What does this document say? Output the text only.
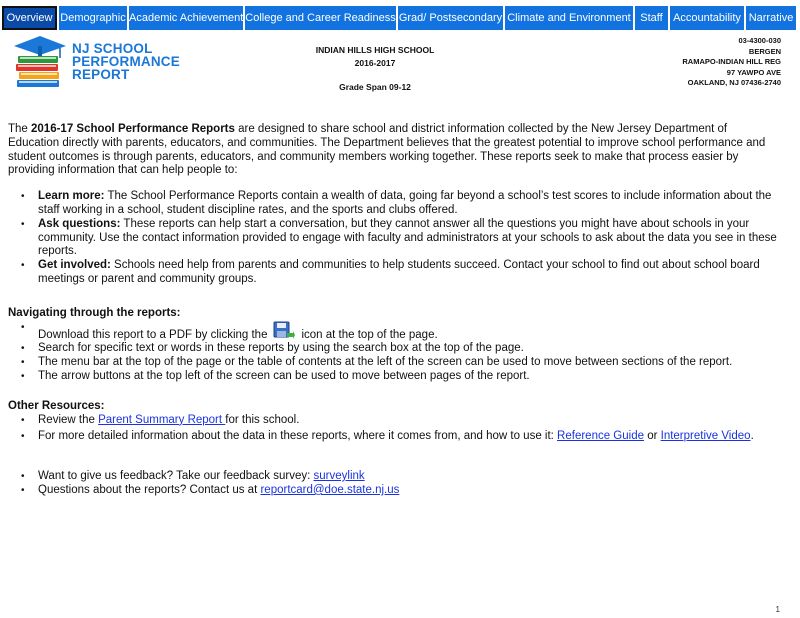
Overview Demographic Academic Achievement College and Career Readiness Grad/ Postsecondary Climate and Environment Staff Accountability Narrative
NJ SCHOOL
PERFORMANCE
REPORT
INDIAN HILLS HIGH SCHOOL
2016-2017
Grade Span 09-12
03-4300-030
BERGEN
RAMAPO-INDIAN HILL REG
97 YAWPO AVE
OAKLAND, NJ 07436-2740

The 2016-17 School Performance Reports are designed to share school and district information collected by the New Jersey Department of Education directly with parents, educators, and communities. The Department believes that the greatest potential to improve school performance and student outcomes is through parents, educators, and community members working together. These reports seek to make that process easier by providing information that can help people to:

• Learn more: The School Performance Reports contain a wealth of data, going far beyond a school’s test scores to include information about the staff working in a school, student discipline rates, and the sports and clubs offered.
• Ask questions: These reports can help start a conversation, but they cannot answer all the questions you might have about schools in your community. Use the contact information provided to engage with faculty and administrators at your schools to ask about the data you see in these reports.
• Get involved: Schools need help from parents and communities to help students succeed. Contact your school to find out about school board meetings or parent and community groups.
Navigating through the reports:
• Download this report to a PDF by clicking the	icon at the top of the page.
• Search for specific text or words in these reports by using the search box at the top of the page.
• The menu bar at the top of the page or the table of contents at the left of the screen can be used to move between sections of the report.
• The arrow buttons at the top left of the screen can be used to move between pages of the report.
Other Resources:
• Review the Parent Summary Report for this school.
• For more detailed information about the data in these reports, where it comes from, and how to use it: Reference Guide or Interpretive Video.
• Want to give us feedback? Take our feedback survey: surveylink
• Questions about the reports? Contact us at reportcard@doe.state.nj.us
1
